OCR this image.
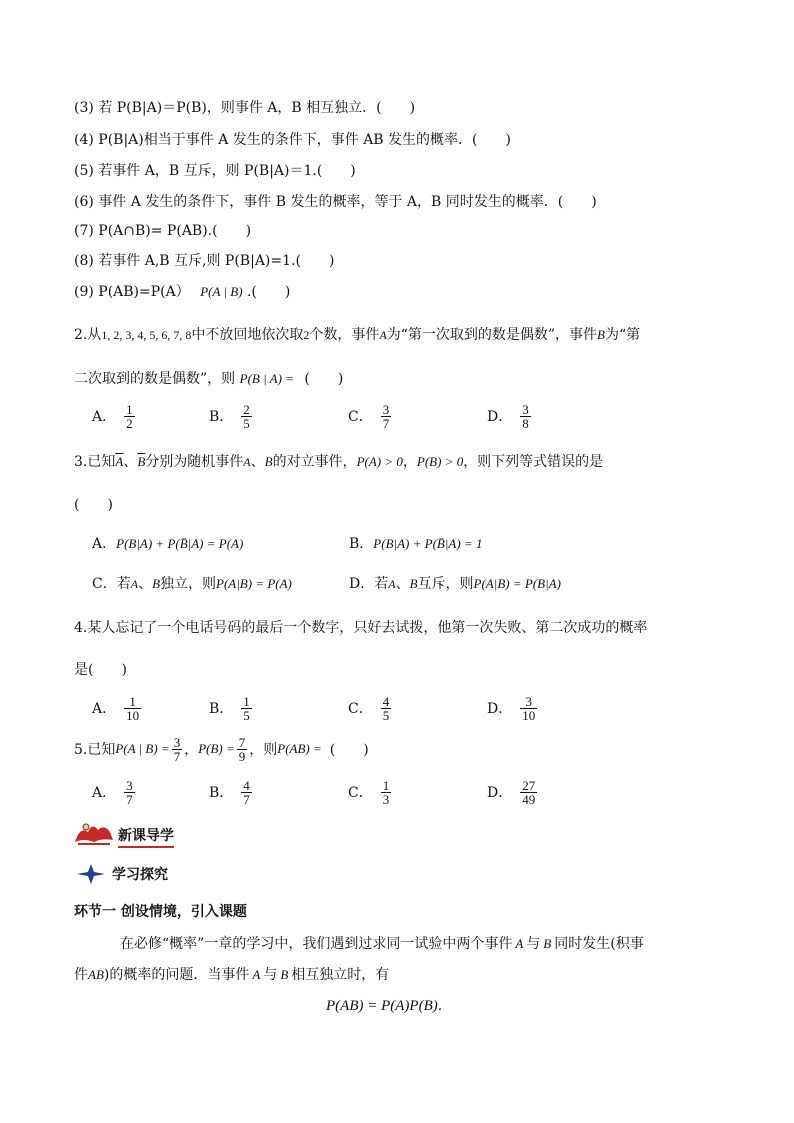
(3) 若 P(B|A)＝P(B)，则事件 A，B 相互独立．(　　)
(4) P(B|A)相当于事件 A 发生的条件下，事件 AB 发生的概率．(　　)
(5) 若事件 A，B 互斥，则 P(B|A)＝1.(　　)
(6) 事件 A 发生的条件下，事件 B 发生的概率，等于 A，B 同时发生的概率．(　　)
(7) P(A∩B)= P(AB).(　　)
(8) 若事件 A,B 互斥,则 P(B|A)=1.(　　)
(9) P(AB)=P(A） P(A | B) .(　　)
2.从1, 2, 3, 4, 5, 6, 7, 8中不放回地依次取2个数，事件A为“第一次取到的数是偶数”，事件B为“第
二次取到的数是偶数”，则 P(B | A) = (　　)
A． $\frac{1}{2}$	B． $\frac{2}{5}$	C． $\frac{3}{7}$	D． $\frac{3}{8}$
3.已知$\overline{A}$、$\overline{B}$分别为随机事件A、B的对立事件，P(A) > 0，P(B) > 0，则下列等式错误的是
(　　)
A．P(B|A) + P(B̄|A) = P(A)	B．P(B|A) + P(B̄|A) = 1
C．若A、B独立，则P(A|B) = P(A)	D．若A、B互斥，则P(A|B) = P(B|A)
4.某人忘记了一个电话号码的最后一个数字，只好去试拨，他第一次失败、第二次成功的概率
是(　　)
A． $\frac{1}{10}$	B． $\frac{1}{5}$	C． $\frac{4}{5}$	D． $\frac{3}{10}$
5.已知 P(A | $B) = \frac{3}{7}$ ， $P(B) = \frac{7}{9}$ ，则 P(AB) = (　　)
A． $\frac{3}{7}$	B． $\frac{4}{7}$	C． $\frac{1}{3}$	D． $\frac{27}{49}$
新课导学
学习探究
环节一 创设情境，引入课题
在必修“概率”一章的学习中，我们遇到过求同一试验中两个事件 A 与 B 同时发生(积事
件AB)的概率的问题．当事件 A 与 B 相互独立时，有
P(AB) = P(A)P(B).
